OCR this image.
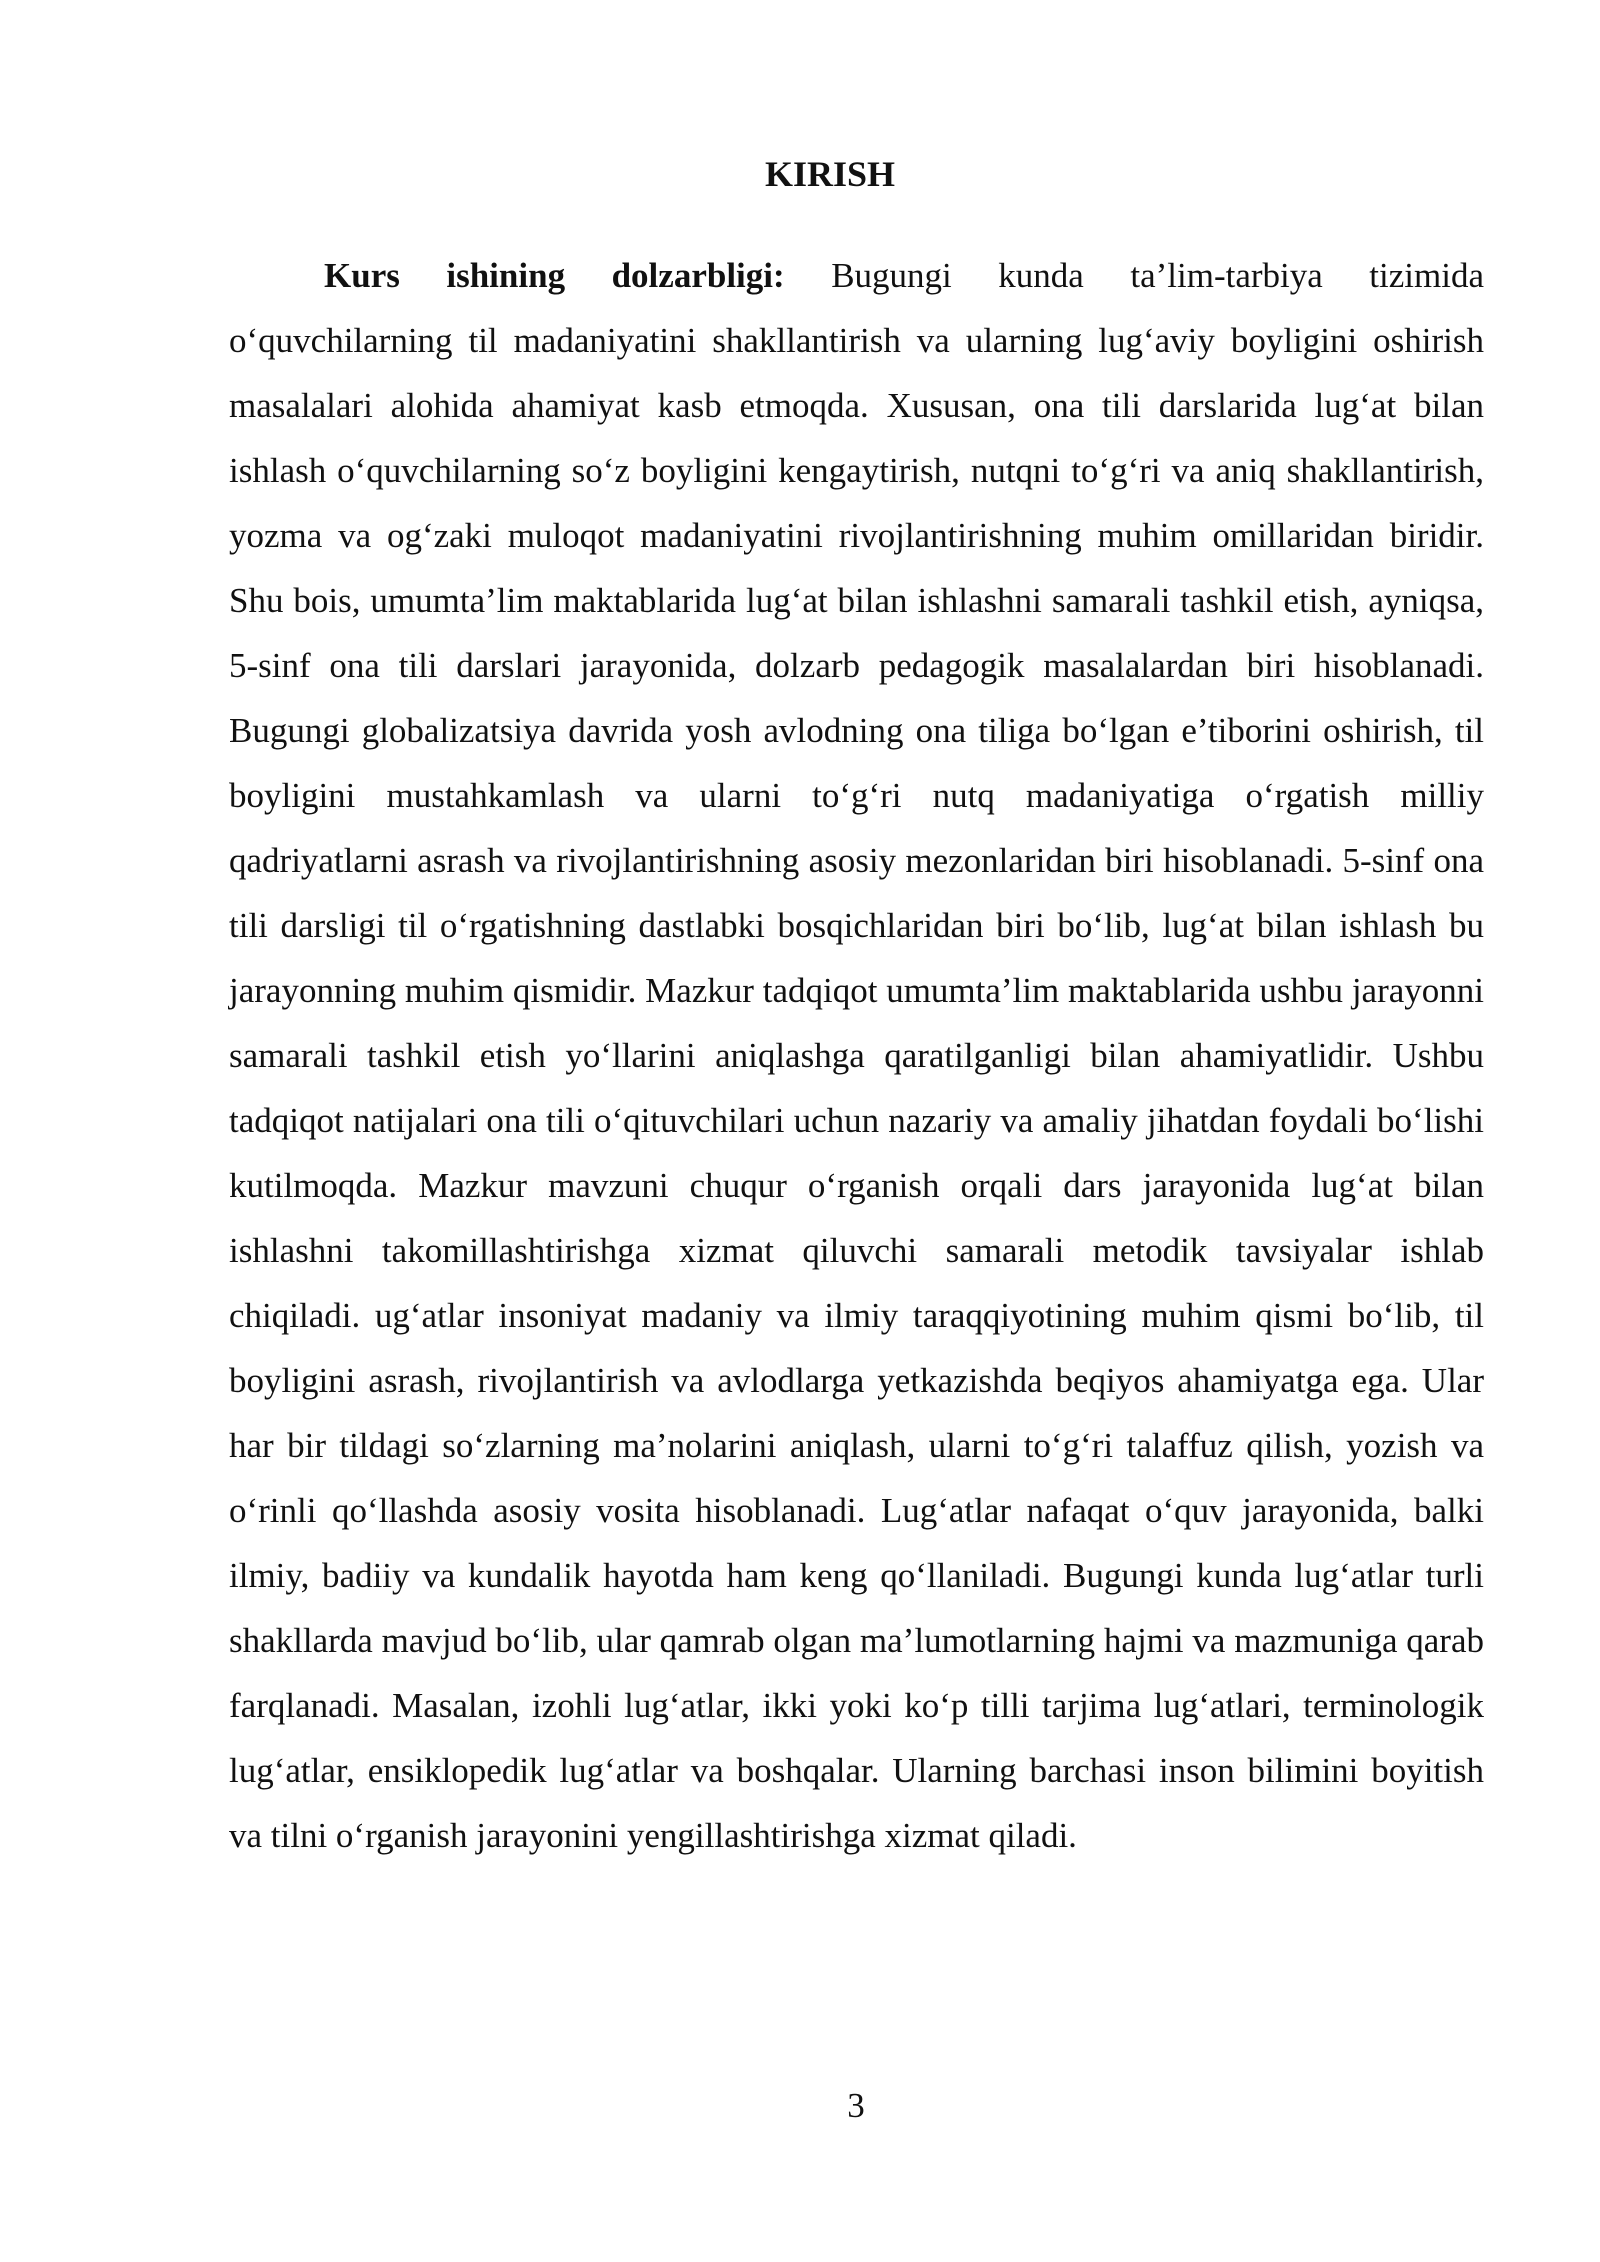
KIRISH

Kurs ishining dolzarbligi: Bugungi kunda ta’lim-tarbiya tizimida o‘quvchilarning til madaniyatini shakllantirish va ularning lug‘aviy boyligini oshirish masalalari alohida ahamiyat kasb etmoqda. Xususan, ona tili darslarida lug‘at bilan ishlash o‘quvchilarning so‘z boyligini kengaytirish, nutqni to‘g‘ri va aniq shakllantirish, yozma va og‘zaki muloqot madaniyatini rivojlantirishning muhim omillaridan biridir. Shu bois, umumta’lim maktablarida lug‘at bilan ishlashni samarali tashkil etish, ayniqsa, 5-sinf ona tili darslari jarayonida, dolzarb pedagogik masalalardan biri hisoblanadi. Bugungi globalizatsiya davrida yosh avlodning ona tiliga bo‘lgan e’tiborini oshirish, til boyligini mustahkamlash va ularni to‘g‘ri nutq madaniyatiga o‘rgatish milliy qadriyatlarni asrash va rivojlantirishning asosiy mezonlaridan biri hisoblanadi. 5-sinf ona tili darsligi til o‘rgatishning dastlabki bosqichlaridan biri bo‘lib, lug‘at bilan ishlash bu jarayonning muhim qismidir. Mazkur tadqiqot umumta’lim maktablarida ushbu jarayonni samarali tashkil etish yo‘llarini aniqlashga qaratilganligi bilan ahamiyatlidir. Ushbu tadqiqot natijalari ona tili o‘qituvchilari uchun nazariy va amaliy jihatdan foydali bo‘lishi kutilmoqda. Mazkur mavzuni chuqur o‘rganish orqali dars jarayonida lug‘at bilan ishlashni takomillashtirishga xizmat qiluvchi samarali metodik tavsiyalar ishlab chiqiladi. ug‘atlar insoniyat madaniy va ilmiy taraqqiyotining muhim qismi bo‘lib, til boyligini asrash, rivojlantirish va avlodlarga yetkazishda beqiyos ahamiyatga ega. Ular har bir tildagi so‘zlarning ma’nolarini aniqlash, ularni to‘g‘ri talaffuz qilish, yozish va o‘rinli qo‘llashda asosiy vosita hisoblanadi. Lug‘atlar nafaqat o‘quv jarayonida, balki ilmiy, badiiy va kundalik hayotda ham keng qo‘llaniladi. Bugungi kunda lug‘atlar turli shakllarda mavjud bo‘lib, ular qamrab olgan ma’lumotlarning hajmi va mazmuniga qarab farqlanadi. Masalan, izohli lug‘atlar, ikki yoki ko‘p tilli tarjima lug‘atlari, terminologik lug‘atlar, ensiklopedik lug‘atlar va boshqalar. Ularning barchasi inson bilimini boyitish va tilni o‘rganish jarayonini yengillashtirishga xizmat qiladi.

3
